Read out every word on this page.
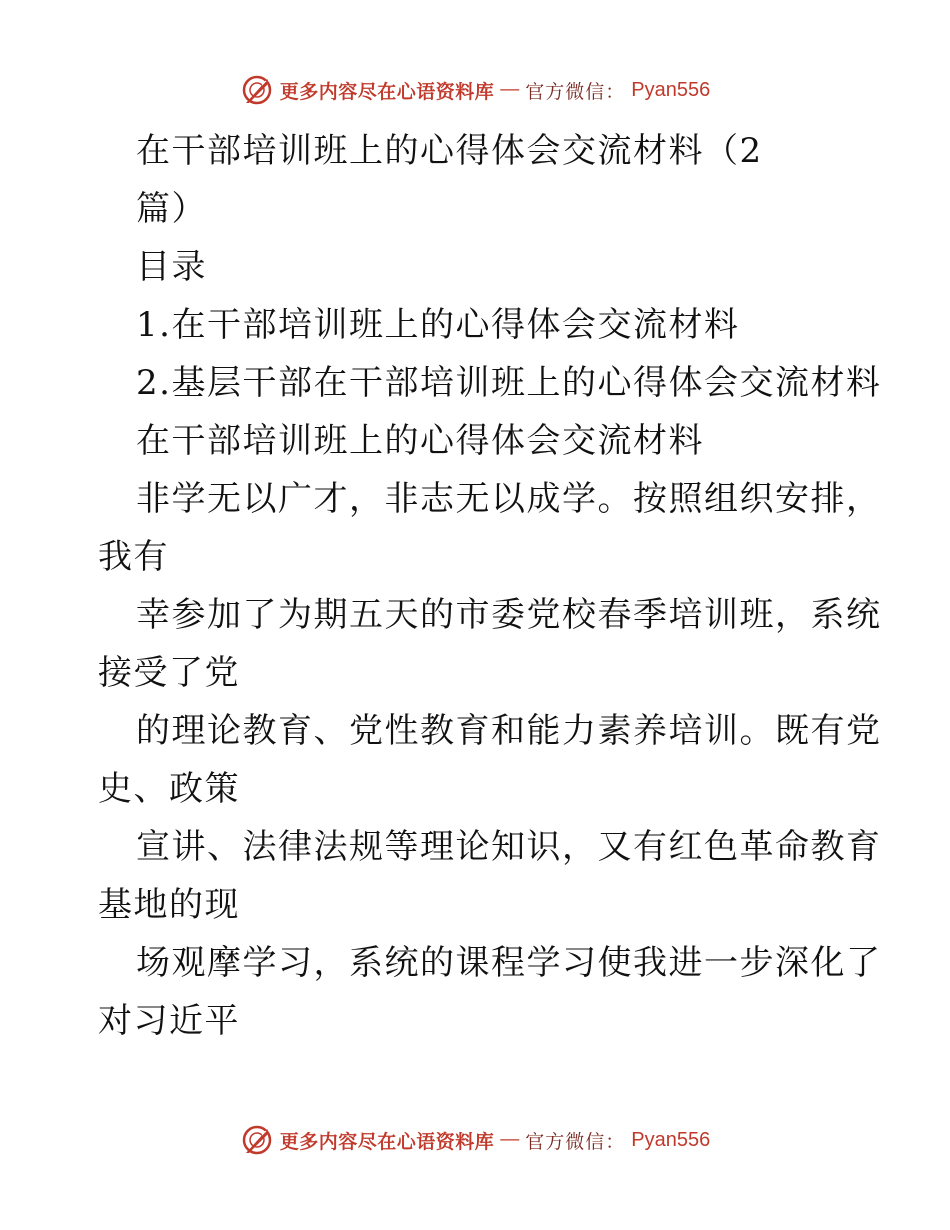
更多内容尽在心语资料库 — 官方微信： Pyan556
在干部培训班上的心得体会交流材料（2
篇）
目录
1.在干部培训班上的心得体会交流材料
2.基层干部在干部培训班上的心得体会交流材料
在干部培训班上的心得体会交流材料
非学无以广才，非志无以成学。按照组织安排，
我有
幸参加了为期五天的市委党校春季培训班，系统
接受了党
的理论教育、党性教育和能力素养培训。既有党
史、政策
宣讲、法律法规等理论知识，又有红色革命教育
基地的现
场观摩学习，系统的课程学习使我进一步深化了
对习近平
更多内容尽在心语资料库 — 官方微信： Pyan556
